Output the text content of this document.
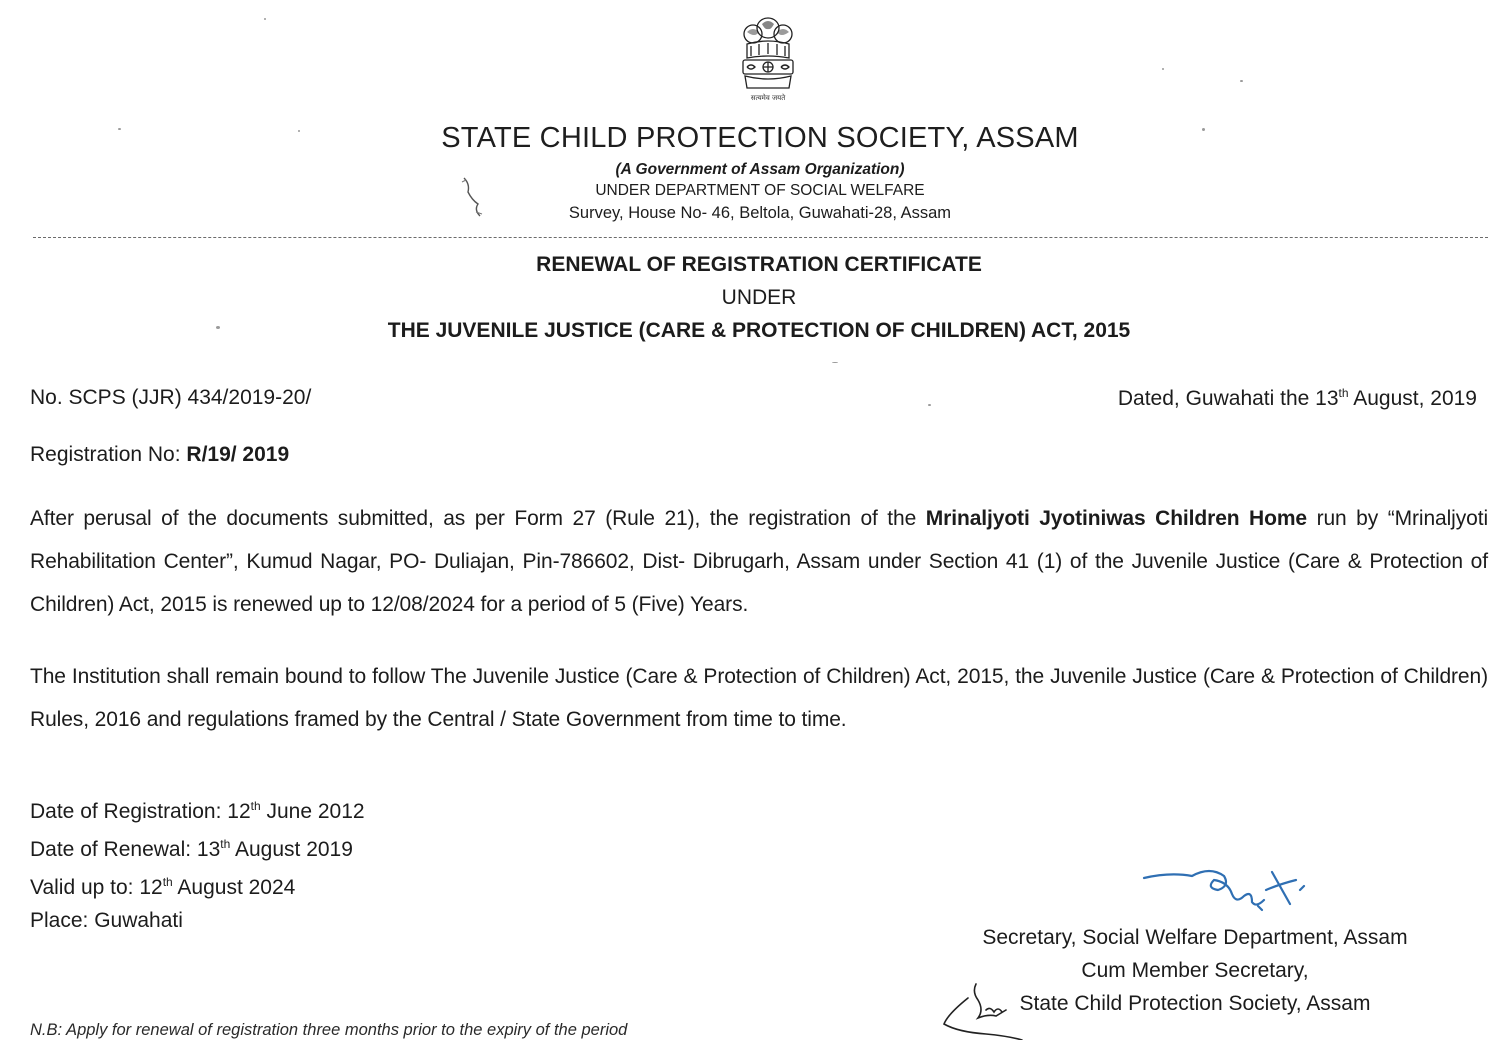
सत्यमेव जयते
STATE CHILD PROTECTION SOCIETY, ASSAM
(A Government of Assam Organization)
UNDER DEPARTMENT OF SOCIAL WELFARE
Survey, House No- 46, Beltola, Guwahati-28, Assam
RENEWAL OF REGISTRATION CERTIFICATE
UNDER
THE JUVENILE JUSTICE (CARE & PROTECTION OF CHILDREN) ACT, 2015
No. SCPS (JJR) 434/2019-20/	Dated, Guwahati the 13th August, 2019
Registration No: R/19/ 2019
After perusal of the documents submitted, as per Form 27 (Rule 21), the registration of the Mrinaljyoti Jyotiniwas Children Home run by “Mrinaljyoti Rehabilitation Center”, Kumud Nagar, PO- Duliajan, Pin-786602, Dist- Dibrugarh, Assam under Section 41 (1) of the Juvenile Justice (Care & Protection of Children) Act, 2015 is renewed up to 12/08/2024 for a period of 5 (Five) Years.
The Institution shall remain bound to follow The Juvenile Justice (Care & Protection of Children) Act, 2015, the Juvenile Justice (Care & Protection of Children) Rules, 2016 and regulations framed by the Central / State Government from time to time.
Date of Registration: 12th June 2012
Date of Renewal: 13th August 2019
Valid up to: 12th August 2024
Place: Guwahati
Secretary, Social Welfare Department, Assam
Cum Member Secretary,
State Child Protection Society, Assam
N.B: Apply for renewal of registration three months prior to the expiry of the period
